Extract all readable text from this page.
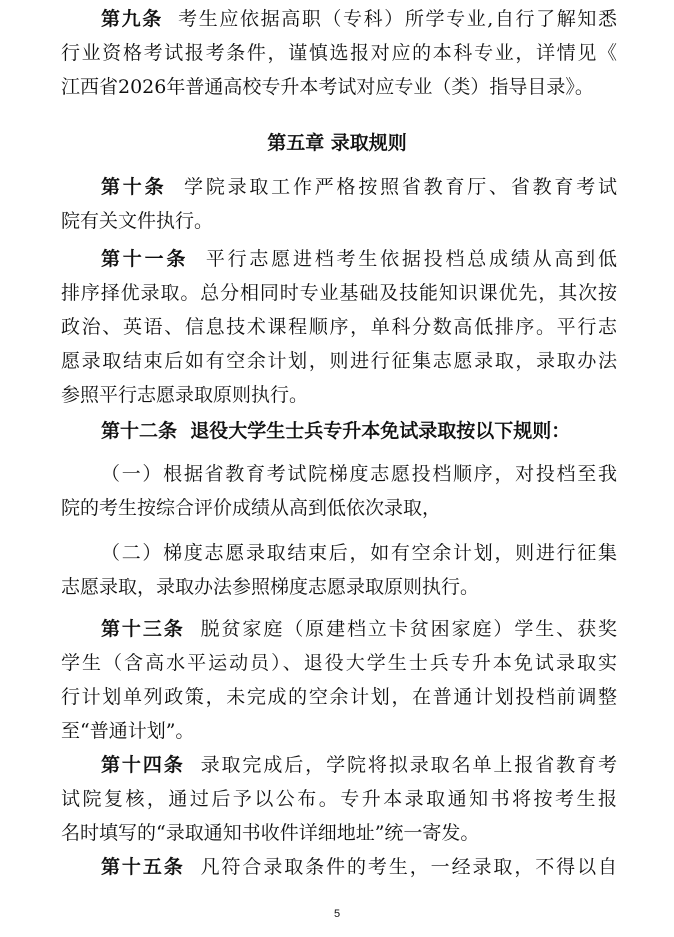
第九条 考生应依据高职（专科）所学专业,自行了解知悉
行业资格考试报考条件，谨慎选报对应的本科专业，详情见《
江西省2026年普通高校专升本考试对应专业（类）指导目录》。
第五章 录取规则
第十条 学院录取工作严格按照省教育厅、省教育考试
院有关文件执行。
第十一条 平行志愿进档考生依据投档总成绩从高到低
排序择优录取。总分相同时专业基础及技能知识课优先，其次按
政治、英语、信息技术课程顺序，单科分数高低排序。平行志
愿录取结束后如有空余计划，则进行征集志愿录取，录取办法
参照平行志愿录取原则执行。
第十二条 退役大学生士兵专升本免试录取按以下规则：
（一）根据省教育考试院梯度志愿投档顺序，对投档至我
院的考生按综合评价成绩从高到低依次录取，
（二）梯度志愿录取结束后，如有空余计划，则进行征集
志愿录取，录取办法参照梯度志愿录取原则执行。
第十三条 脱贫家庭（原建档立卡贫困家庭）学生、获奖
学生（含高水平运动员）、退役大学生士兵专升本免试录取实
行计划单列政策，未完成的空余计划，在普通计划投档前调整
至“普通计划”。
第十四条 录取完成后，学院将拟录取名单上报省教育考
试院复核，通过后予以公布。专升本录取通知书将按考生报
名时填写的“录取通知书收件详细地址”统一寄发。
第十五条 凡符合录取条件的考生，一经录取，不得以自
5
